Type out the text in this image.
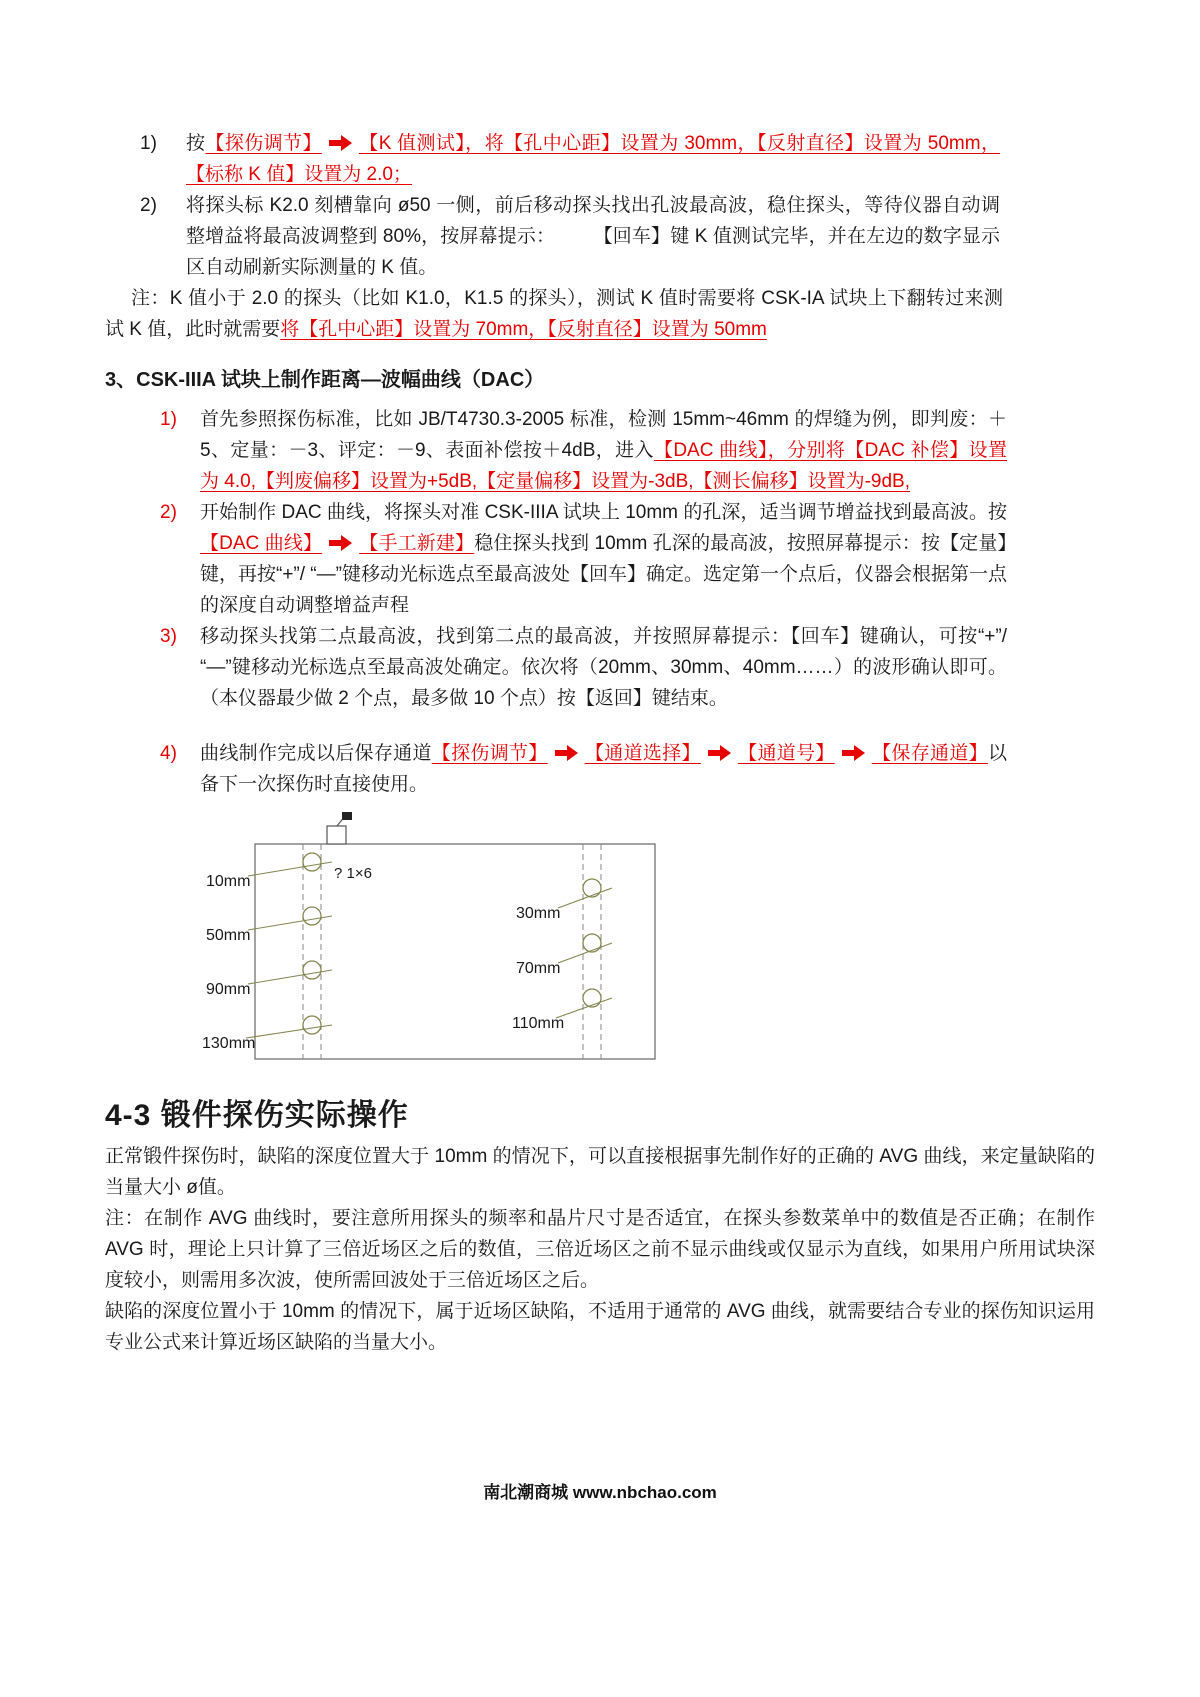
1)	按【探伤调节】 【K 值测试】，将【孔中心距】设置为 30mm，【反射直径】设置为 50mm，【标称 K 值】设置为 2.0；
2)	将探头标 K2.0 刻槽靠向 ø50 一侧，前后移动探头找出孔波最高波，稳住探头，等待仪器自动调整增益将最高波调整到 80%，按屏幕提示：　　　【回车】键 K 值测试完毕，并在左边的数字显示区自动刷新实际测量的 K 值。

注：K 值小于 2.0 的探头（比如 K1.0，K1.5 的探头），测试 K 值时需要将 CSK-IA 试块上下翻转过来测试 K 值，此时就需要将【孔中心距】设置为 70mm，【反射直径】设置为 50mm

3、CSK-IIIA 试块上制作距离—波幅曲线（DAC）
1)	首先参照探伤标准，比如 JB/T4730.3-2005 标准，检测 15mm~46mm 的焊缝为例，即判废：＋5、定量：－3、评定：－9、表面补偿按＋4dB，进入【DAC 曲线】，分别将【DAC 补偿】设置为 4.0,【判废偏移】设置为+5dB,【定量偏移】设置为-3dB,【测长偏移】设置为-9dB,
2)	开始制作 DAC 曲线，将探头对准 CSK-IIIA 试块上 10mm 的孔深，适当调节增益找到最高波。按【DAC 曲线】 【手工新建】稳住探头找到 10mm 孔深的最高波，按照屏幕提示：按【定量】键，再按“+”/ “—”键移动光标选点至最高波处【回车】确定。选定第一个点后，仪器会根据第一点的深度自动调整增益声程
3)	移动探头找第二点最高波，找到第二点的最高波，并按照屏幕提示：【回车】键确认，可按“+”/ “—”键移动光标选点至最高波处确定。依次将（20mm、30mm、40mm……）的波形确认即可。（本仪器最少做 2 个点，最多做 10 个点）按【返回】键结束。
4)	曲线制作完成以后保存通道【探伤调节】 【通道选择】 【通道号】 【保存通道】以备下一次探伤时直接使用。
10mm
50mm
90mm
130mm
30mm
70mm
110mm
? 1×6
4-3 锻件探伤实际操作

正常锻件探伤时，缺陷的深度位置大于 10mm 的情况下，可以直接根据事先制作好的正确的 AVG 曲线，来定量缺陷的当量大小 ø值。

注：在制作 AVG 曲线时，要注意所用探头的频率和晶片尺寸是否适宜，在探头参数菜单中的数值是否正确；在制作 AVG 时，理论上只计算了三倍近场区之后的数值，三倍近场区之前不显示曲线或仅显示为直线，如果用户所用试块深度较小，则需用多次波，使所需回波处于三倍近场区之后。

缺陷的深度位置小于 10mm 的情况下，属于近场区缺陷，不适用于通常的 AVG 曲线，就需要结合专业的探伤知识运用专业公式来计算近场区缺陷的当量大小。

南北潮商城 www.nbchao.com
